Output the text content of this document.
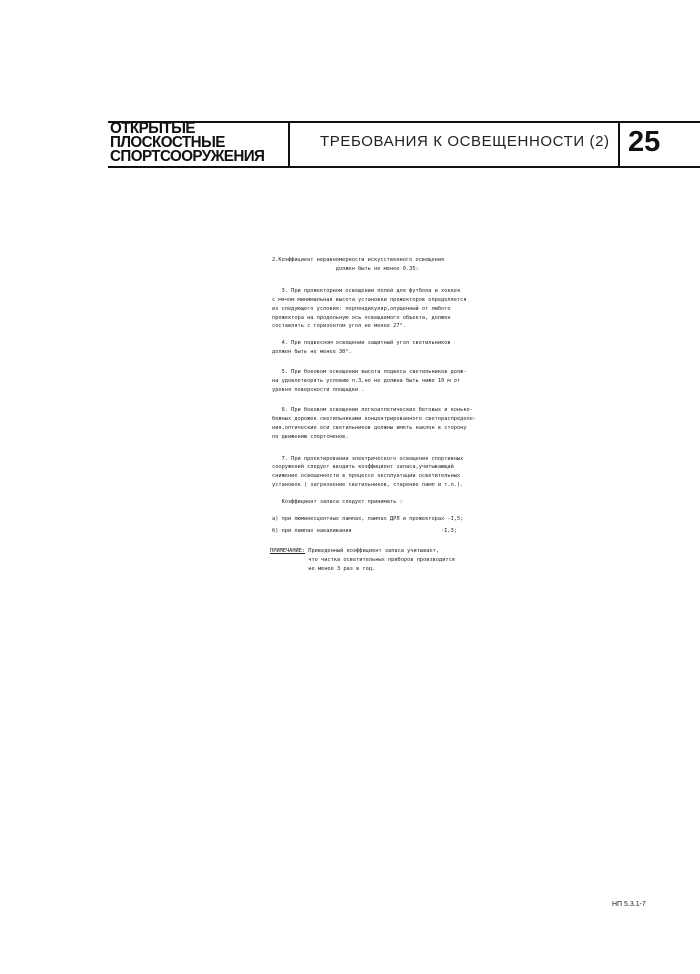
ОТКРЫТЫЕ
ПЛОСКОСТНЫЕ
СПОРТСООРУЖЕНИЯ
ТРЕБОВАНИЯ К ОСВЕЩЕННОСТИ (2) 25

2.Коэффициент неравномерности искусственного освещения

должен быть не менее 0.35:

3. При прожекторном освещении полей для футбола и хоккея

с мячом минимальная высота установки прожекторов определяется

из следующего условия: перпендикуляр,опущенный от любого

прожектора на продольную ось освещаемого объекта, должен

составлять с горизонтом угол не менее 27°.

4. При подвесном освещении защитный угол светильников

должен быть не менее 30°.

5. При боковом освещении высота подвеса светильников долж-

на удовлетворять условию п.3,но не должна быть ниже 10 м от

уровня поверхности площадки .

6. При боковом освещении легкоатлетических беговых и конько-

бежных дорожек светильниками концентрированного светораспределе-

ния,оптические оси светильников должны иметь наклон в сторону

по движению спортсменов.

7. При проектировании электрического освещения спортивных

сооружений следует вводить коэффициент запаса,учитывающий

снижение освещенности в процессе эксплуатации осветительных

установок ( загрязнение светильников, старение ламп и т.л.).

Коэффициент запаса следует принимать :

а) при люминесцентных лампах, лампах ДРЛ и прожекторах -I,5;

б) при лампах накаливания                            -I,3;

ПРИМЕЧАНИЕ: Приведенный коэффициент запаса учитывает,

что чистка осветительных приборов производится

не менее 3 раз в год.

НП 5.3.1-7
